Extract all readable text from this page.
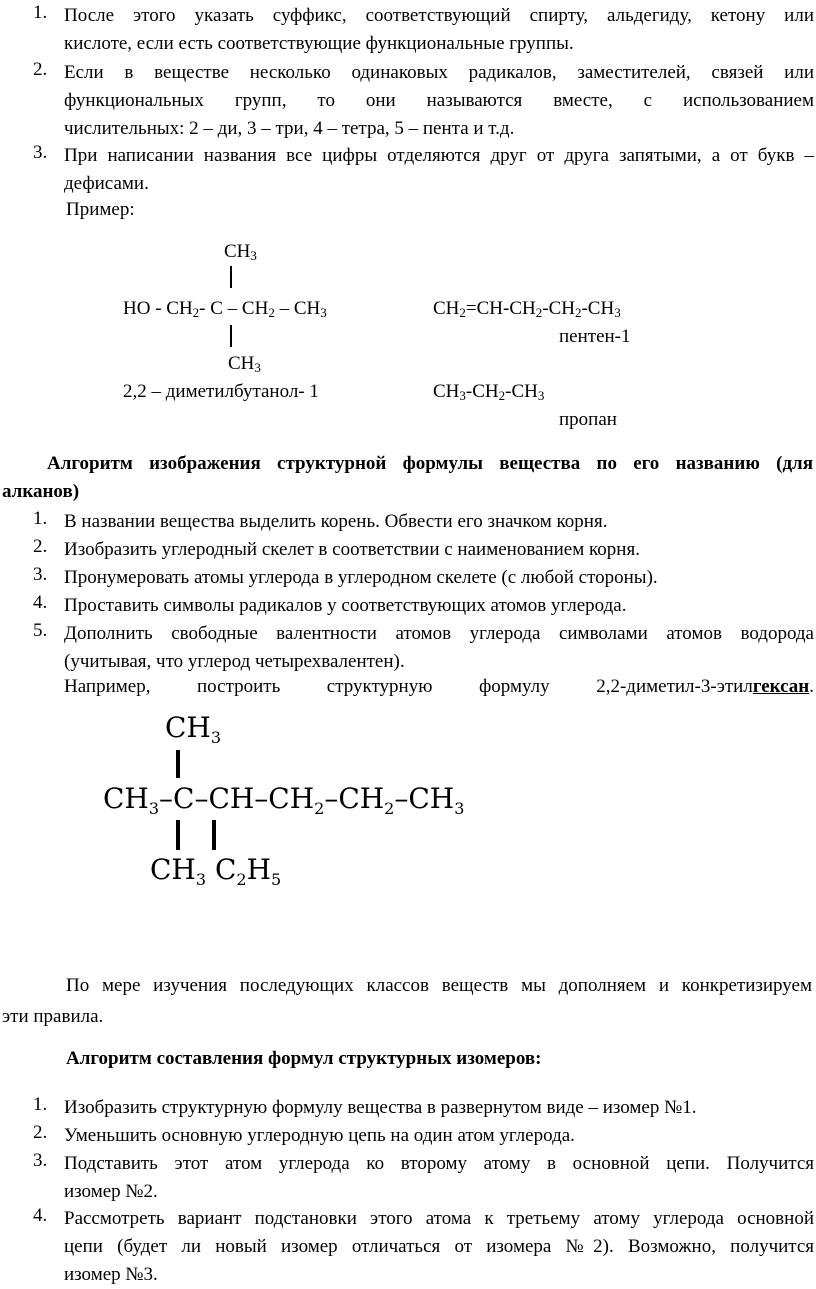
1. После этого указать суффикс, соответствующий спирту, альдегиду, кетону или
кислоте, если есть соответствующие функциональные группы.
2. Если в веществе несколько одинаковых радикалов, заместителей, связей или
функциональных групп, то они называются вместе, с использованием
числительных: 2 – ди, 3 – три, 4 – тетра, 5 – пента и т.д.
3. При написании названия все цифры отделяются друг от друга запятыми, а от букв –
дефисами.
Пример:
$CH_3$
HO - $CH_2-$ C – $CH_2 - CH_3$
$CH_3$
2,2 – диметилбутанол- 1
$CH_2=CH-CH_2-CH_2-CH_3$
пентен-1
$CH_3-CH_2-CH_3$
пропан
Алгоритм изображения структурной формулы вещества по его названию (для
алканов)
1. В названии вещества выделить корень. Обвести его значком корня.
2. Изобразить углеродный скелет в соответствии с наименованием корня.
3. Пронумеровать атомы углерода в углеродном скелете (с любой стороны).
4. Проставить символы радикалов у соответствующих атомов углерода.
5. Дополнить свободные валентности атомов углерода символами атомов водорода
(учитывая, что углерод четырехвалентен).
Например, построить структурную формулу 2,2-диметил-3-этилгексан.
$CH_3$
$CH_3-C-CH-CH_2-CH_2-CH_3$
$CH_3$ $C_2H_5$
По мере изучения последующих классов веществ мы дополняем и конкретизируем
эти правила.
Алгоритм составления формул структурных изомеров:
1. Изобразить структурную формулу вещества в развернутом виде – изомер №1.
2. Уменьшить основную углеродную цепь на один атом углерода.
3. Подставить этот атом углерода ко второму атому в основной цепи. Получится
изомер №2.
4. Рассмотреть вариант подстановки этого атома к третьему атому углерода основной
цепи (будет ли новый изомер отличаться от изомера №2). Возможно, получится
изомер №3.
